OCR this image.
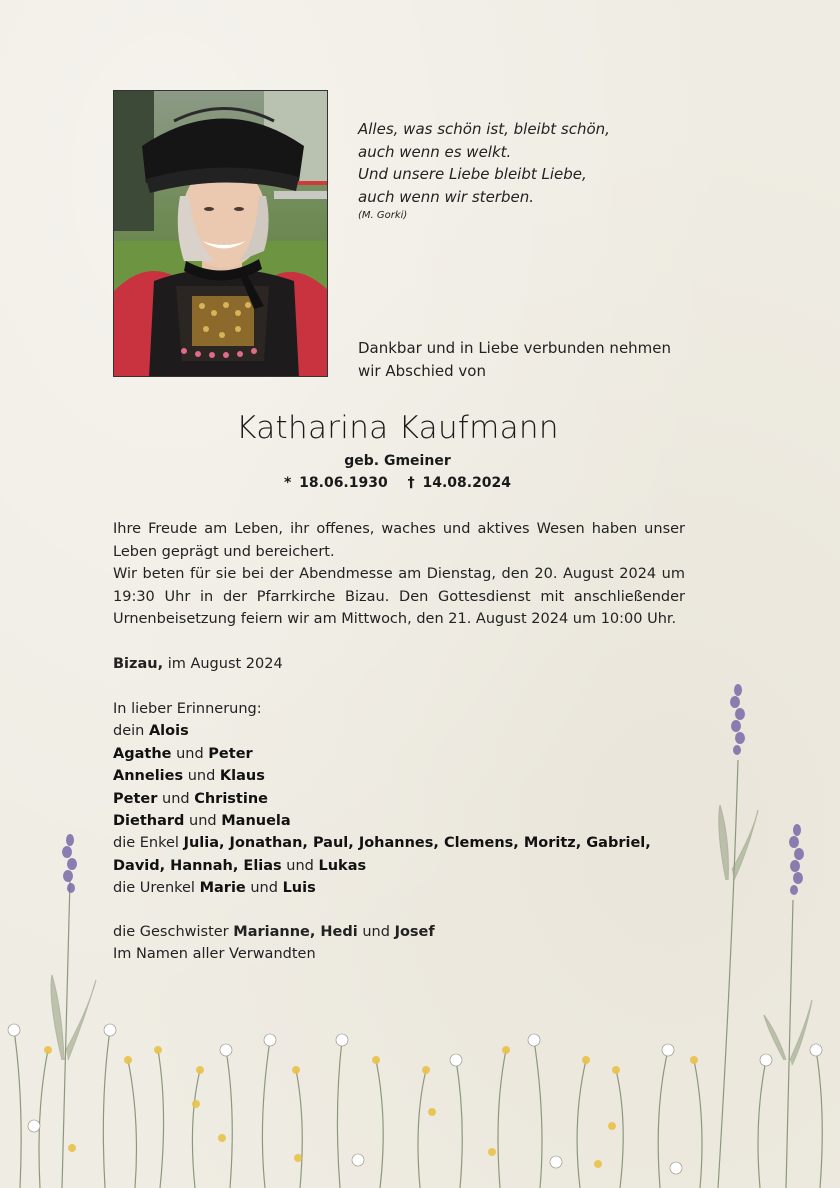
Alles, was schön ist, bleibt schön,
auch wenn es welkt.
Und unsere Liebe bleibt Liebe,
auch wenn wir sterben.
(M. Gorki)
Dankbar und in Liebe verbunden nehmen
wir Abschied von
Katharina Kaufmann
geb. Gmeiner
* 18.06.1930 † 14.08.2024
Ihre Freude am Leben, ihr offenes, waches und aktives Wesen haben unser Leben geprägt und bereichert.
Wir beten für sie bei der Abendmesse am Dienstag, den 20. August 2024 um 19:30 Uhr in der Pfarrkirche Bizau. Den Gottesdienst mit anschließender Urnenbeisetzung feiern wir am Mittwoch, den 21. August 2024 um 10:00 Uhr.
Bizau, im August 2024
In lieber Erinnerung:
dein Alois
Agathe und Peter
Annelies und Klaus
Peter und Christine
Diethard und Manuela
die Enkel Julia, Jonathan, Paul, Johannes, Clemens, Moritz, Gabriel,
David, Hannah, Elias und Lukas
die Urenkel Marie und Luis
die Geschwister Marianne, Hedi und Josef
Im Namen aller Verwandten
